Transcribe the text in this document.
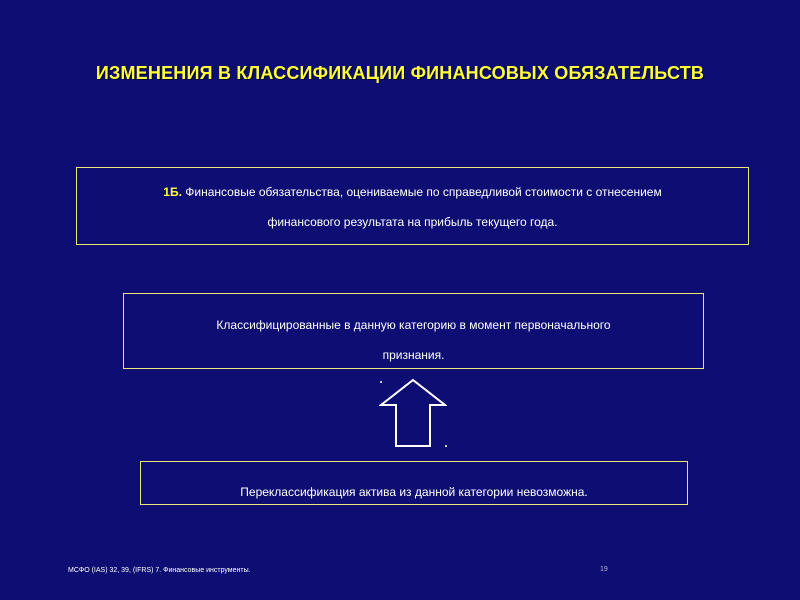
ИЗМЕНЕНИЯ В КЛАССИФИКАЦИИ ФИНАНСОВЫХ ОБЯЗАТЕЛЬСТВ
1Б. Финансовые обязательства, оцениваемые по справедливой стоимости с отнесением
финансового результата на прибыль текущего года.
Классифицированные в данную категорию в момент первоначального
признания.
Переклассификация актива из данной категории невозможна.
МСФО (IAS) 32, 39, (IFRS) 7. Финансовые инструменты.	19
